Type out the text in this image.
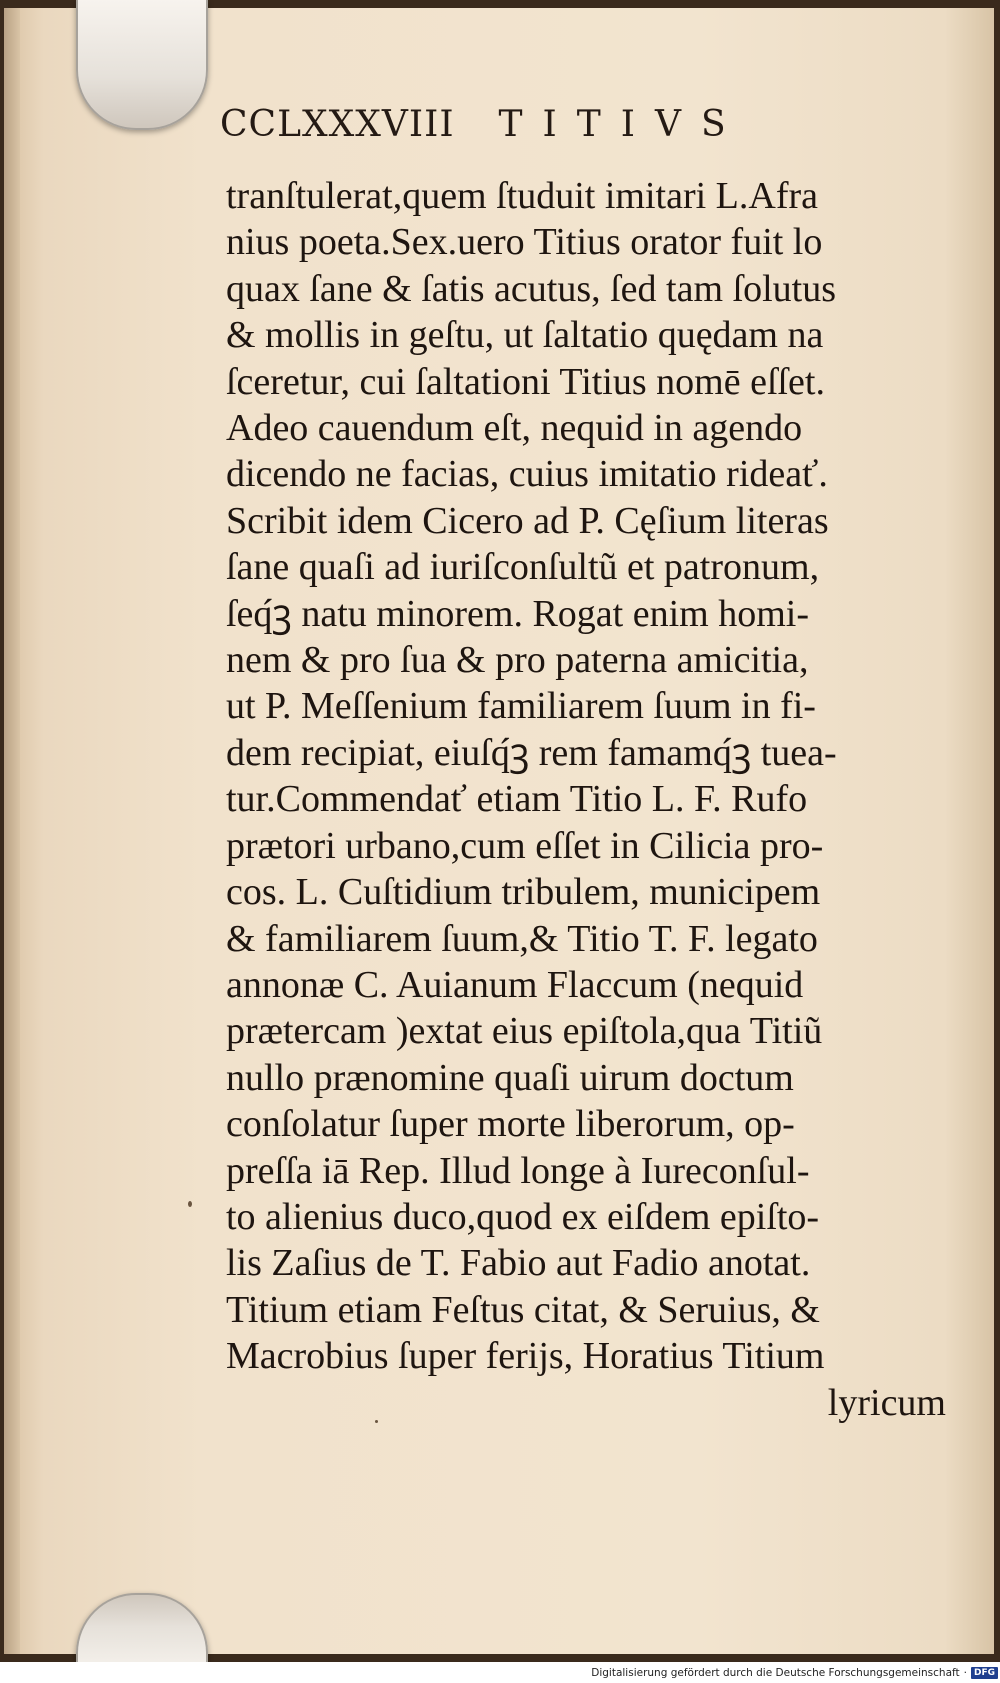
CCLXXXVIII TITIVS
tranſtulerat,quem ſtuduit imitari L.Afra
nius poeta.Sex.uero Titius orator fuit lo
quax ſane & ſatis acutus, ſed tam ſolutus
& mollis in geſtu, ut ſaltatio quędam na
ſceretur, cui ſaltationi Titius nomē eſſet.
Adeo cauendum eſt, nequid in agendo
dicendo ne facias, cuius imitatio rideať.
Scribit idem Cicero ad P. Cęſium literas
ſane quaſi ad iuriſconſultũ et patronum,
ſeq́ꝫ natu minorem. Rogat enim homi-
nem & pro ſua & pro paterna amicitia,
ut P. Meſſenium familiarem ſuum in fi-
dem recipiat, eiuſq́ꝫ rem famamq́ꝫ tuea-
tur.Commendať etiam Titio L. F. Rufo
prætori urbano,cum eſſet in Cilicia pro-
cos. L. Cuſtidium tribulem, municipem
& familiarem ſuum,& Titio T. F. legato
annonæ C. Auianum Flaccum (nequid
prætercam )extat eius epiſtola,qua Titiũ
nullo prænomine quaſi uirum doctum
conſolatur ſuper morte liberorum, op-
preſſa iā Rep. Illud longe à Iureconſul-
to alienius duco,quod ex eiſdem epiſto-
lis Zaſius de T. Fabio aut Fadio anotat.
Titium etiam Feſtus citat, & Seruius, &
Macrobius ſuper ferijs, Horatius Titium
lyricum
Digitalisierung gefördert durch die Deutsche Forschungsgemeinschaft · DFG
